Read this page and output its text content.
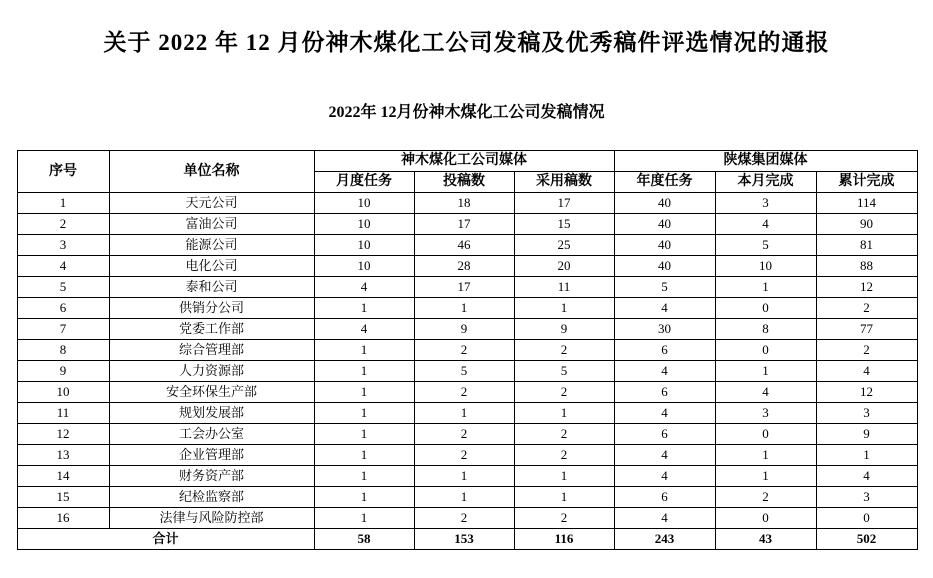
关于 2022 年 12 月份神木煤化工公司发稿及优秀稿件评选情况的通报
2022年 12月份神木煤化工公司发稿情况
序号	单位名称	神木煤化工公司媒体			陕煤集团媒体		
		月度任务	投稿数	采用稿数	年度任务	本月完成	累计完成
1	天元公司	10	18	17	40	3	114
2	富油公司	10	17	15	40	4	90
3	能源公司	10	46	25	40	5	81
4	电化公司	10	28	20	40	10	88
5	泰和公司	4	17	11	5	1	12
6	供销分公司	1	1	1	4	0	2
7	党委工作部	4	9	9	30	8	77
8	综合管理部	1	2	2	6	0	2
9	人力资源部	1	5	5	4	1	4
10	安全环保生产部	1	2	2	6	4	12
11	规划发展部	1	1	1	4	3	3
12	工会办公室	1	2	2	6	0	9
13	企业管理部	1	2	2	4	1	1
14	财务资产部	1	1	1	4	1	4
15	纪检监察部	1	1	1	6	2	3
16	法律与风险防控部	1	2	2	4	0	0
合计		58	153	116	243	43	502
